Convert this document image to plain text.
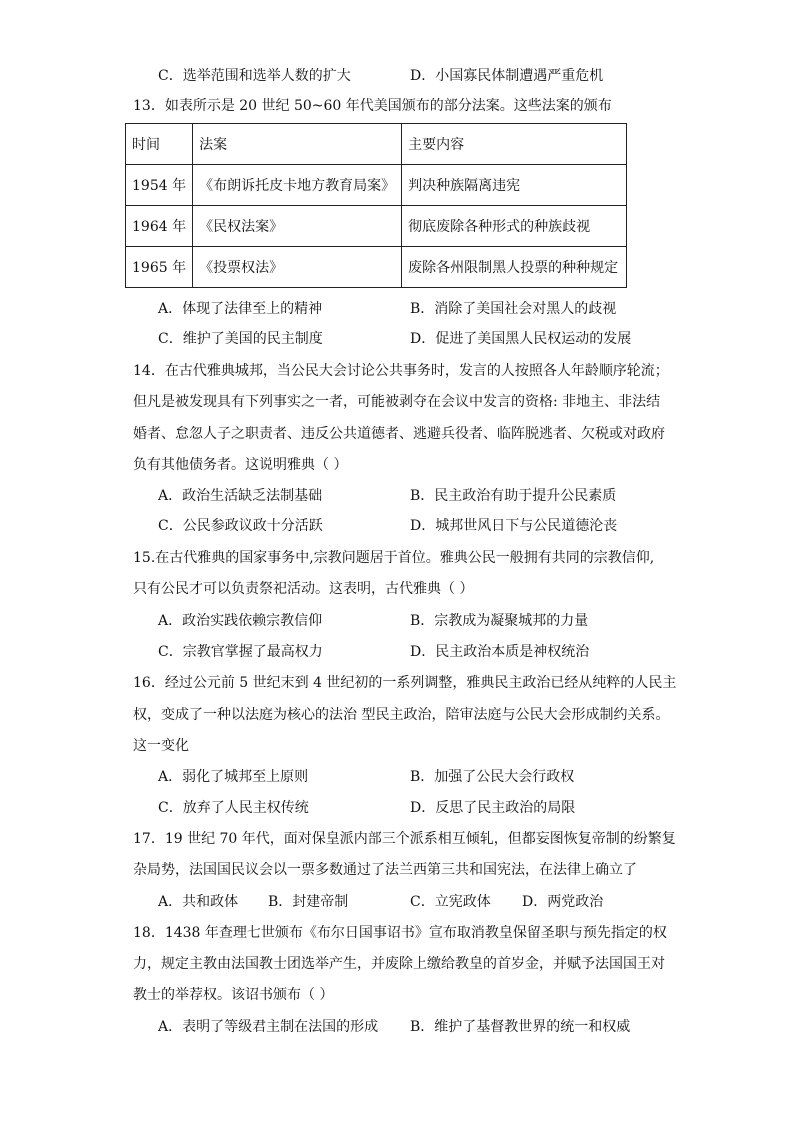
C．选举范围和选举人数的扩大	D．小国寡民体制遭遇严重危机
13．如表所示是 20 世纪 50~60 年代美国颁布的部分法案。这些法案的颁布
时间	法案	主要内容
1954 年	《布朗诉托皮卡地方教育局案》	判决种族隔离违宪
1964 年	《民权法案》	彻底废除各种形式的种族歧视
1965 年	《投票权法》	废除各州限制黑人投票的种种规定
A．体现了法律至上的精神	B．消除了美国社会对黑人的歧视
C．维护了美国的民主制度	D．促进了美国黑人民权运动的发展
14．在古代雅典城邦，当公民大会讨论公共事务时，发言的人按照各人年龄顺序轮流；
但凡是被发现具有下列事实之一者，可能被剥夺在会议中发言的资格: 非地主、非法结
婚者、怠忽人子之职责者、违反公共道德者、逃避兵役者、临阵脱逃者、欠税或对政府
负有其他债务者。这说明雅典（ ）
A．政治生活缺乏法制基础	B．民主政治有助于提升公民素质
C．公民参政议政十分活跃	D．城邦世风日下与公民道德沦丧
15.在古代雅典的国家事务中,宗教问题居于首位。雅典公民一般拥有共同的宗教信仰,
只有公民才可以负责祭祀活动。这表明，古代雅典（ ）
A．政治实践依赖宗教信仰	B．宗教成为凝聚城邦的力量
C．宗教官掌握了最高权力	D．民主政治本质是神权统治
16．经过公元前 5 世纪末到 4 世纪初的一系列调整，雅典民主政治已经从纯粹的人民主
权，变成了一种以法庭为核心的法治 型民主政治，陪审法庭与公民大会形成制约关系。
这一变化
A．弱化了城邦至上原则	B．加强了公民大会行政权
C．放弃了人民主权传统	D．反思了民主政治的局限
17．19 世纪 70 年代，面对保皇派内部三个派系相互倾轧，但都妄图恢复帝制的纷繁复
杂局势，法国国民议会以一票多数通过了法兰西第三共和国宪法，在法律上确立了
A．共和政体 B．封建帝制	C．立宪政体 D．两党政治
18．1438 年查理七世颁布《布尔日国事诏书》宣布取消教皇保留圣职与预先指定的权
力，规定主教由法国教士团选举产生，并废除上缴给教皇的首岁金，并赋予法国国王对
教士的举荐权。该诏书颁布（ ）
A．表明了等级君主制在法国的形成 B．维护了基督教世界的统一和权威
